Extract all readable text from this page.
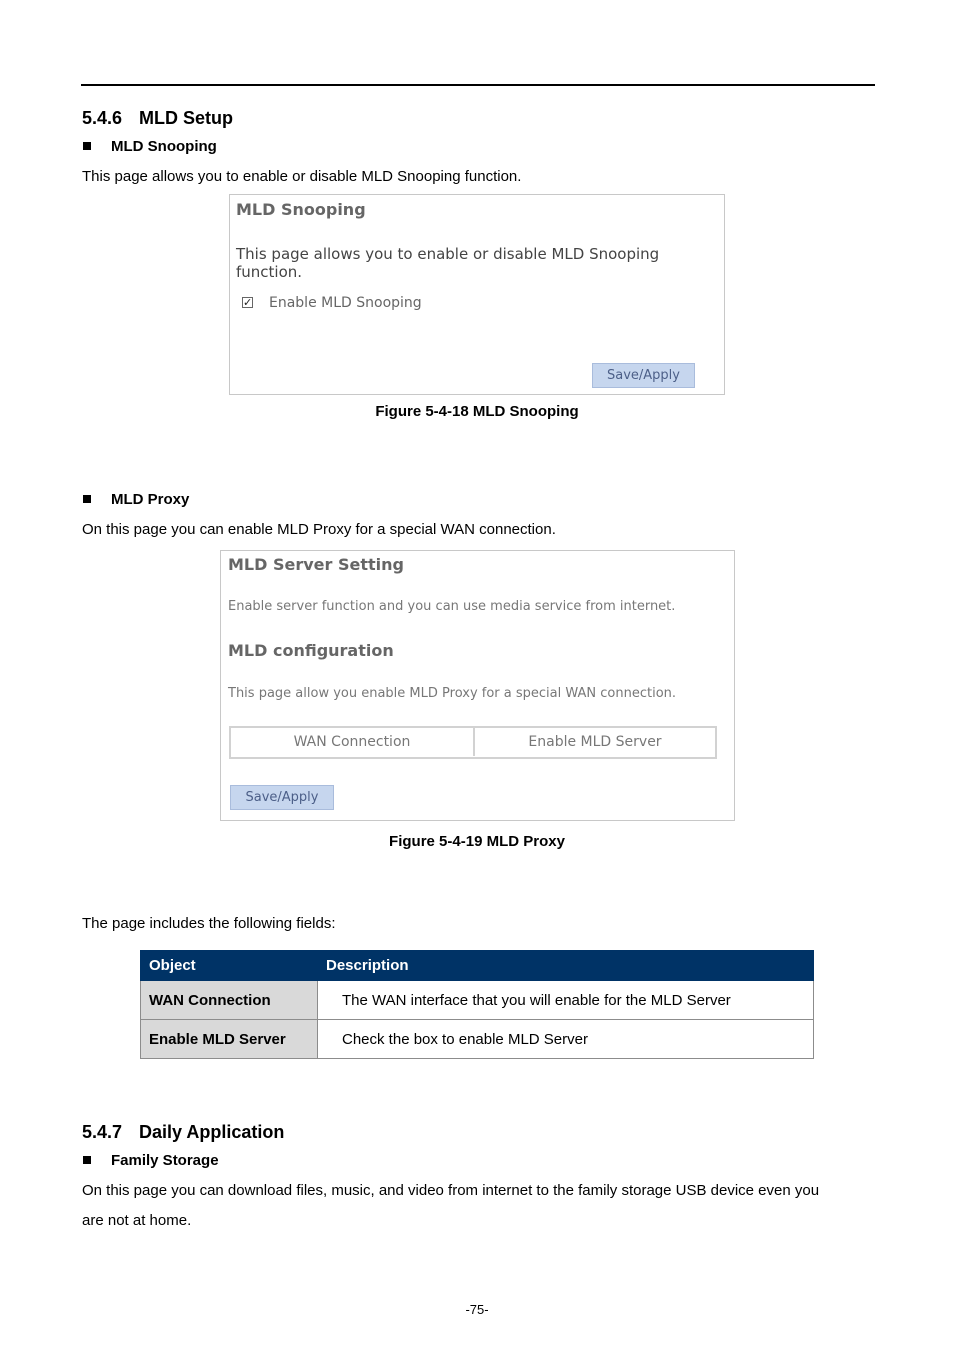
5.4.6 MLD Setup
MLD Snooping
This page allows you to enable or disable MLD Snooping function.
MLD Snooping
This page allows you to enable or disable MLD Snooping function.
✓ Enable MLD Snooping
Save/Apply
Figure 5-4-18 MLD Snooping
MLD Proxy
On this page you can enable MLD Proxy for a special WAN connection.
MLD Server Setting
Enable server function and you can use media service from internet.
MLD configuration
This page allow you enable MLD Proxy for a special WAN connection.
WAN Connection	Enable MLD Server
Save/Apply
Figure 5-4-19 MLD Proxy
The page includes the following fields:
Object	Description
WAN Connection	The WAN interface that you will enable for the MLD Server
Enable MLD Server	Check the box to enable MLD Server
5.4.7 Daily Application
Family Storage
On this page you can download files, music, and video from internet to the family storage USB device even you
are not at home.
-75-
